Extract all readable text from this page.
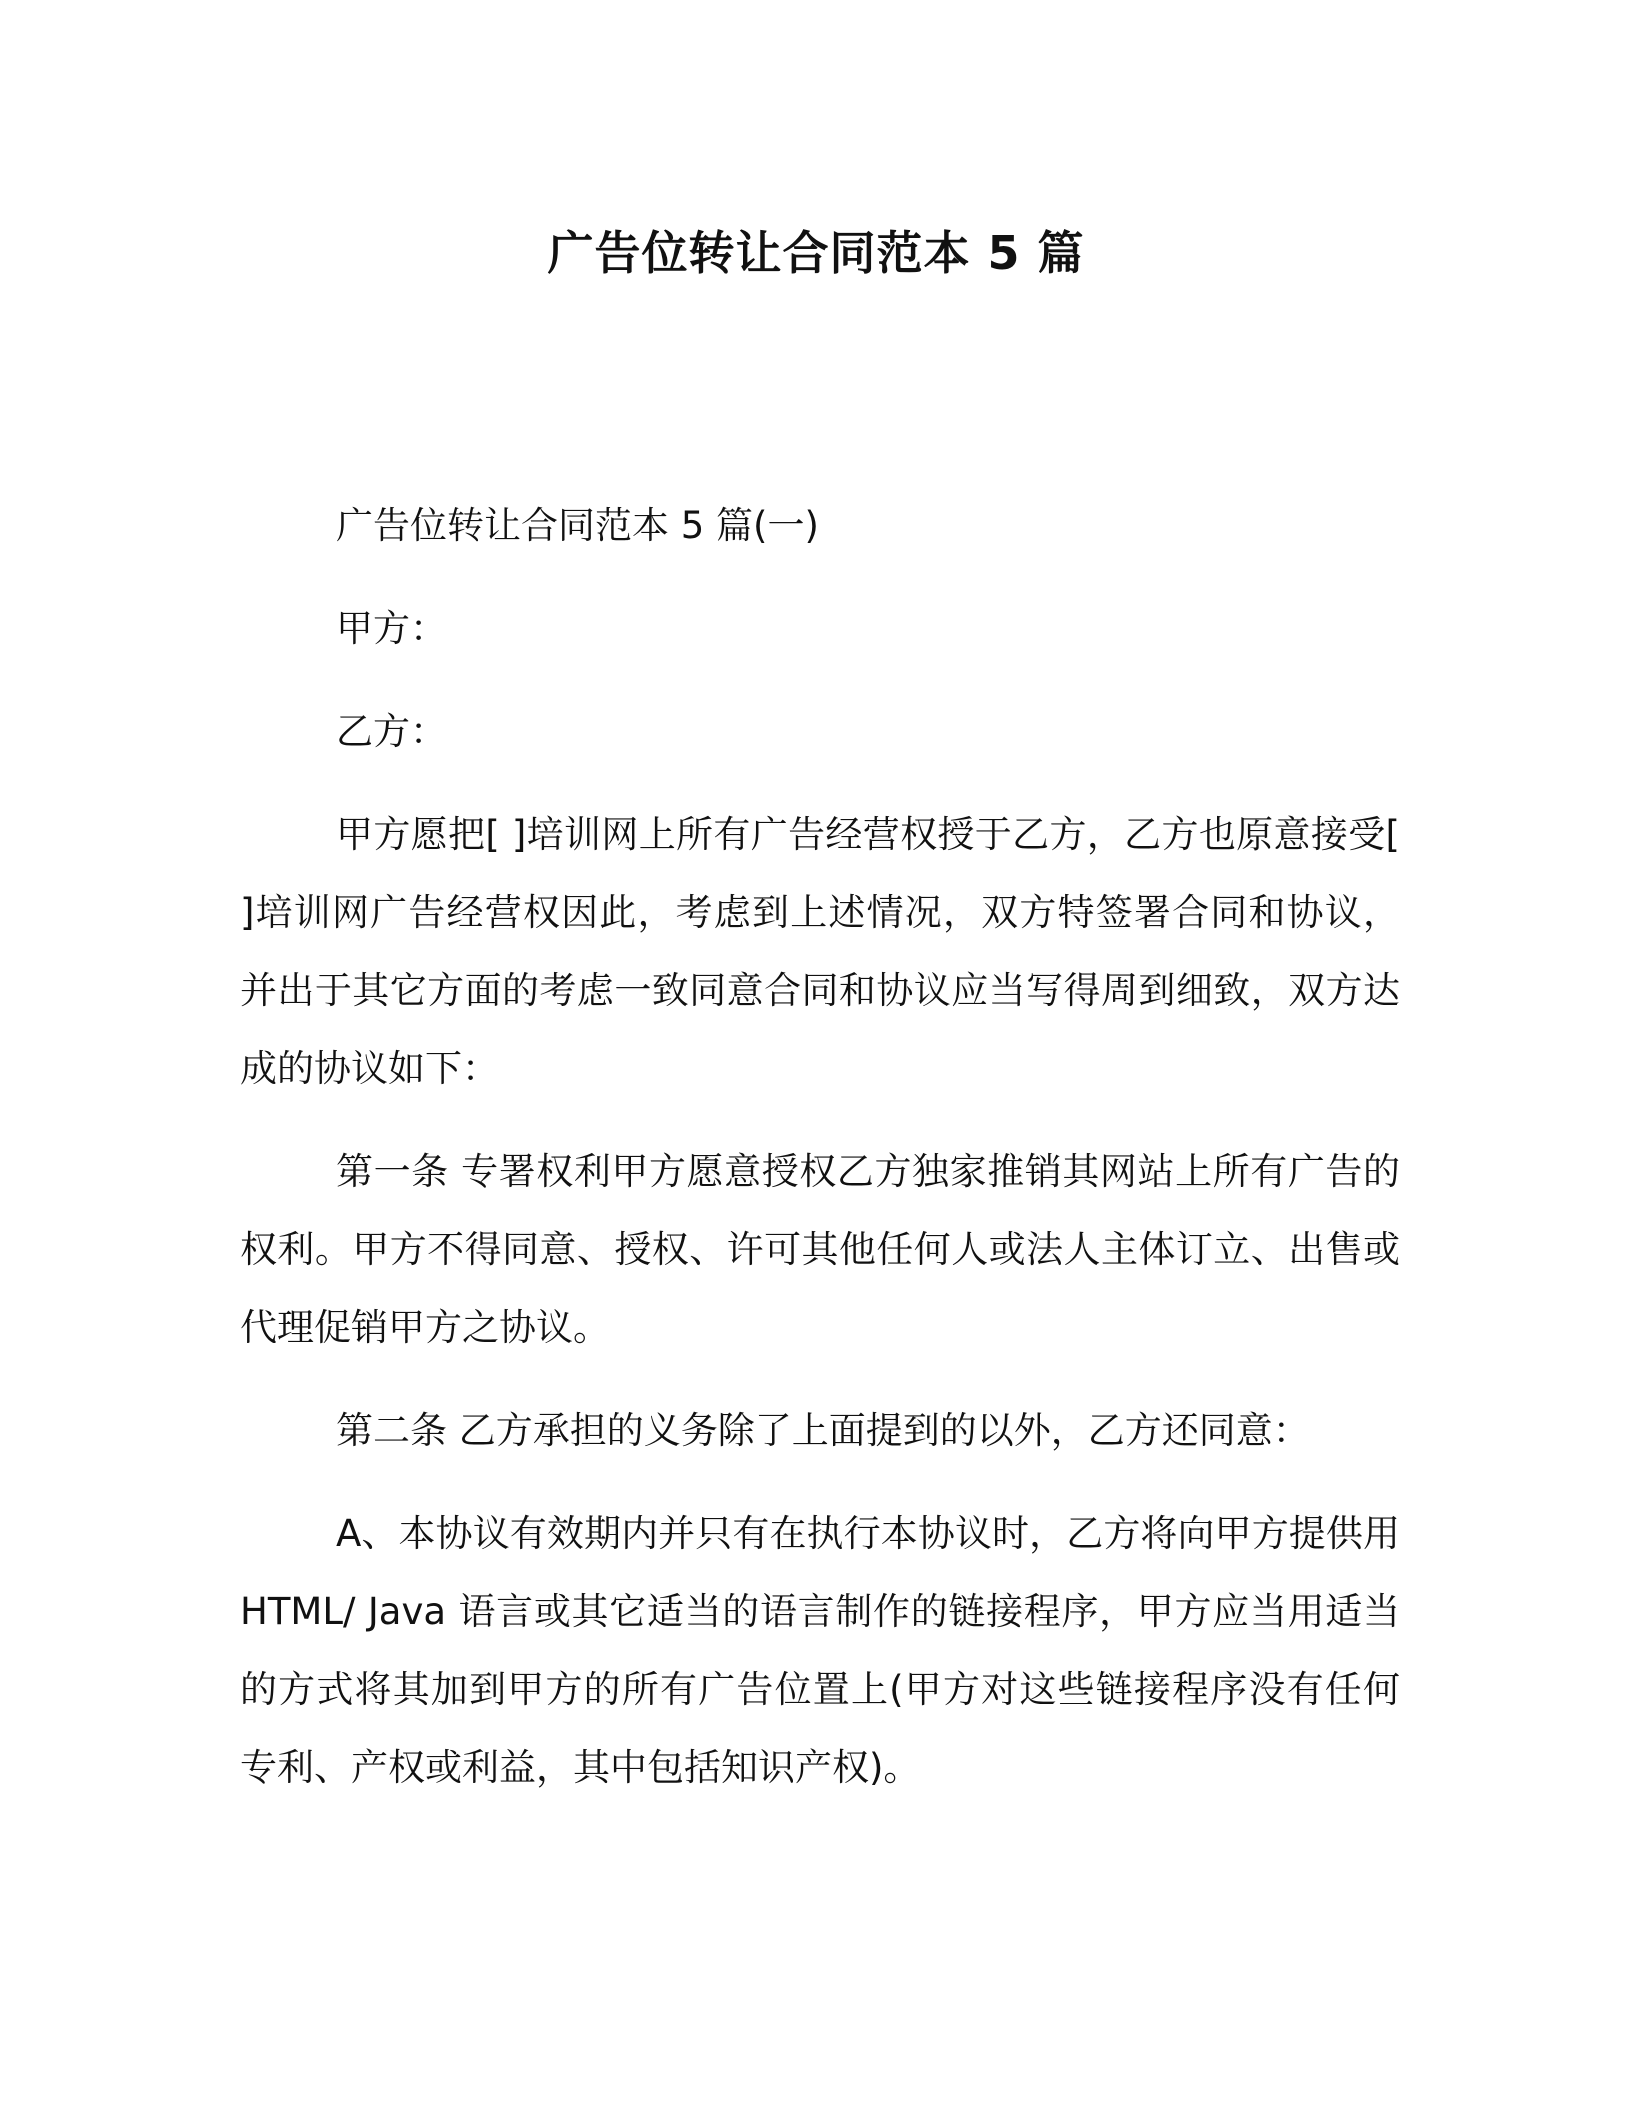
广告位转让合同范本 5 篇

广告位转让合同范本 5 篇(一)

甲方：

乙方：

甲方愿把[ ]培训网上所有广告经营权授于乙方，乙方也原意接受[ ]培训网广告经营权因此，考虑到上述情况，双方特签署合同和协议，并出于其它方面的考虑一致同意合同和协议应当写得周到细致，双方达成的协议如下：

第一条 专署权利甲方愿意授权乙方独家推销其网站上所有广告的权利。甲方不得同意、授权、许可其他任何人或法人主体订立、出售或代理促销甲方之协议。

第二条 乙方承担的义务除了上面提到的以外，乙方还同意：

A、本协议有效期内并只有在执行本协议时，乙方将向甲方提供用 HTML/ Java 语言或其它适当的语言制作的链接程序，甲方应当用适当的方式将其加到甲方的所有广告位置上(甲方对这些链接程序没有任何专利、产权或利益，其中包括知识产权)。
